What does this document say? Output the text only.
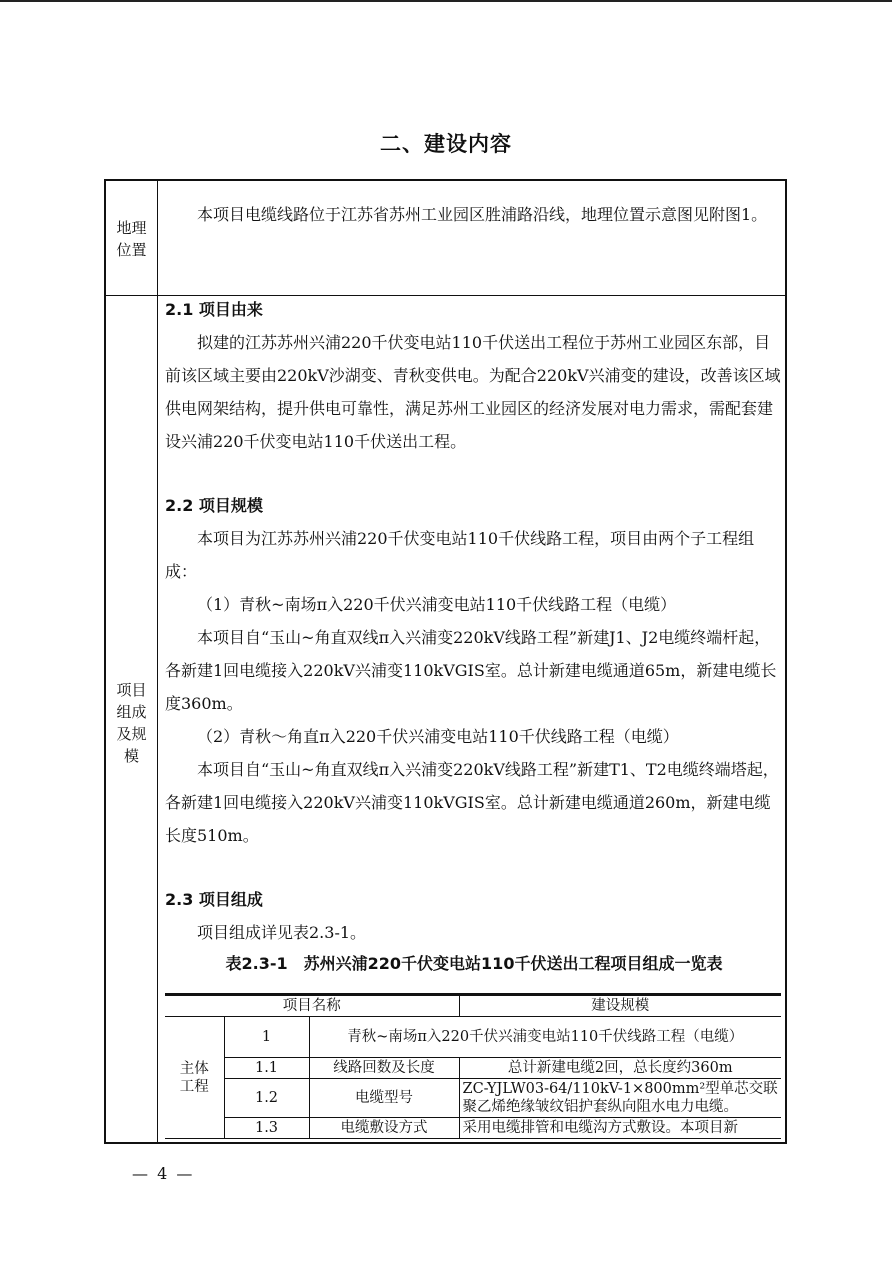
二、建设内容
地理
位置

本项目电缆线路位于江苏省苏州工业园区胜浦路沿线，地理位置示意图见附图1。

项目
组成
及规
模
2.1 项目由来

拟建的江苏苏州兴浦220千伏变电站110千伏送出工程位于苏州工业园区东部，目前该区域主要由220kV沙湖变、青秋变供电。为配合220kV兴浦变的建设，改善该区域供电网架结构，提升供电可靠性，满足苏州工业园区的经济发展对电力需求，需配套建设兴浦220千伏变电站110千伏送出工程。

2.2 项目规模

本项目为江苏苏州兴浦220千伏变电站110千伏线路工程，项目由两个子工程组成：

（1）青秋~南场π入220千伏兴浦变电站110千伏线路工程（电缆）

本项目自“玉山~角直双线π入兴浦变220kV线路工程”新建J1、J2电缆终端杆起，各新建1回电缆接入220kV兴浦变110kVGIS室。总计新建电缆通道65m，新建电缆长度360m。

（2）青秋～角直π入220千伏兴浦变电站110千伏线路工程（电缆）

本项目自“玉山~角直双线π入兴浦变220kV线路工程”新建T1、T2电缆终端塔起，各新建1回电缆接入220kV兴浦变110kVGIS室。总计新建电缆通道260m，新建电缆长度510m。

2.3 项目组成

项目组成详见表2.3-1。

表2.3-1　苏州兴浦220千伏变电站110千伏送出工程项目组成一览表
项目名称			建设规模
主体
工程	1	青秋~南场π入220千伏兴浦变电站110千伏线路工程（电缆）	
	1.1	线路回数及长度	总计新建电缆2回，总长度约360m
	1.2	电缆型号	ZC-YJLW03-64/110kV-1×800mm²型单芯交联聚乙烯绝缘皱纹铝护套纵向阻水电力电缆。
	1.3	电缆敷设方式	采用电缆排管和电缆沟方式敷设。本项目新
— 4 —
